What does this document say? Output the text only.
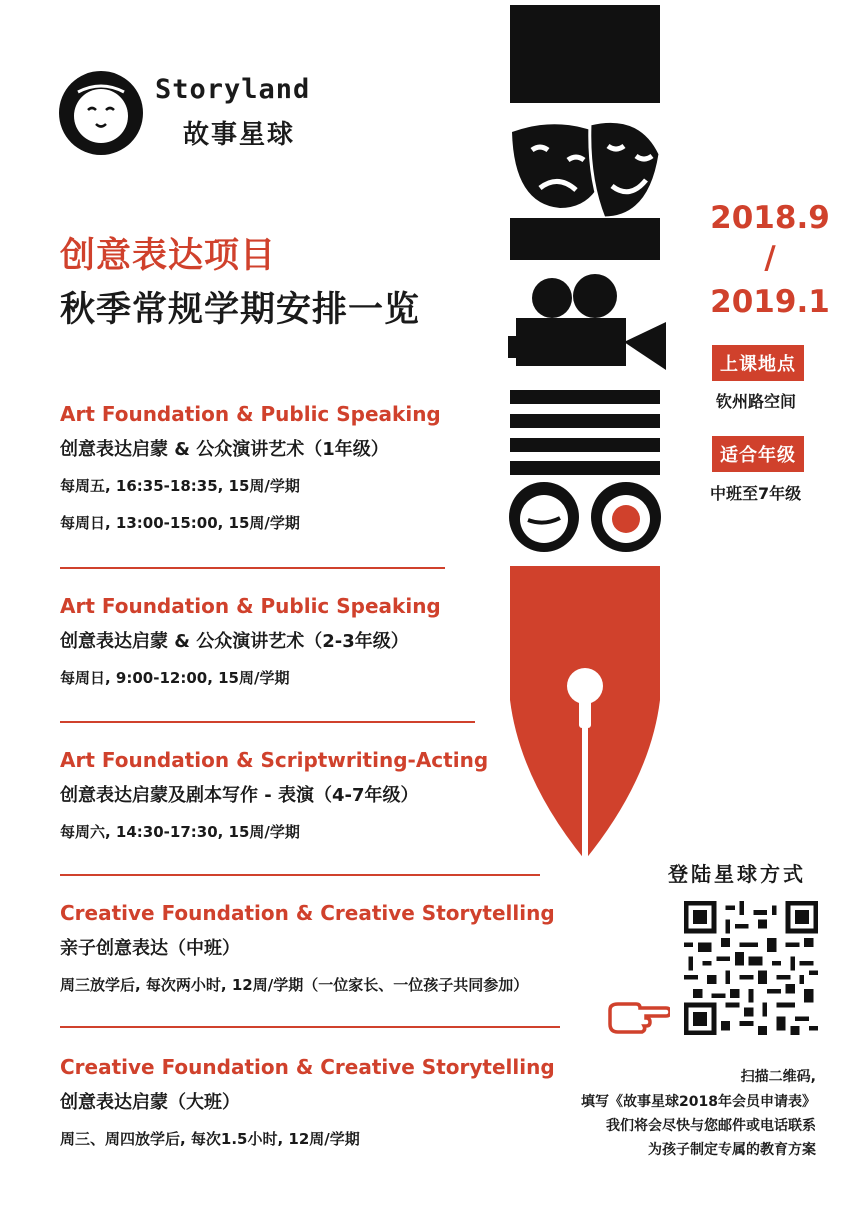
Storyland
故事星球
创意表达项目
秋季常规学期安排一览
Art Foundation & Public Speaking
创意表达启蒙 & 公众演讲艺术（1年级）
每周五, 16:35-18:35, 15周/学期
每周日, 13:00-15:00, 15周/学期
Art Foundation & Public Speaking
创意表达启蒙 & 公众演讲艺术（2-3年级）
每周日, 9:00-12:00, 15周/学期
Art Foundation & Scriptwriting-Acting
创意表达启蒙及剧本写作 - 表演（4-7年级）
每周六, 14:30-17:30, 15周/学期
Creative Foundation & Creative Storytelling
亲子创意表达（中班）
周三放学后, 每次两小时, 12周/学期（一位家长、一位孩子共同参加）
Creative Foundation & Creative Storytelling
创意表达启蒙（大班）
周三、周四放学后, 每次1.5小时, 12周/学期
2018.9
/
2019.1
上课地点
钦州路空间
适合年级
中班至7年级
登陆星球方式
扫描二维码,
填写《故事星球2018年会员申请表》
我们将会尽快与您邮件或电话联系
为孩子制定专属的教育方案
